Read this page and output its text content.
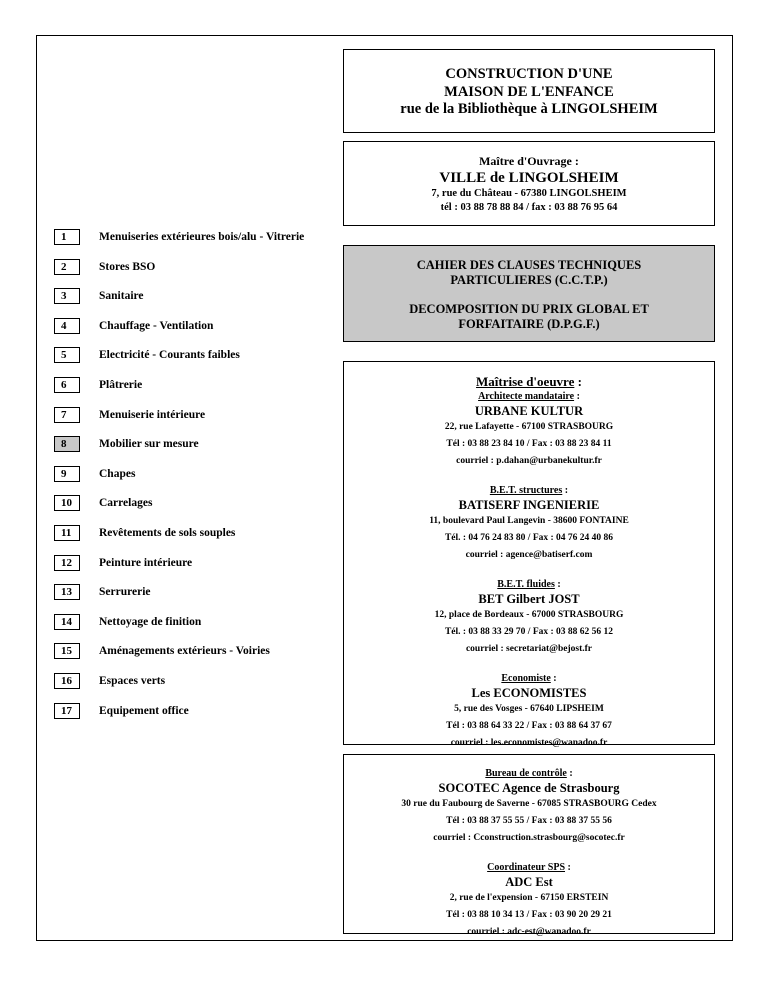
CONSTRUCTION D'UNE
MAISON DE L'ENFANCE
rue de la Bibliothèque à LINGOLSHEIM
Maître d'Ouvrage :
VILLE de LINGOLSHEIM
7, rue du Château - 67380 LINGOLSHEIM
tél : 03 88 78 88 84 / fax : 03 88 76 95 64
CAHIER DES CLAUSES TECHNIQUES
PARTICULIERES (C.C.T.P.)
DECOMPOSITION DU PRIX GLOBAL ET
FORFAITAIRE (D.P.G.F.)
Maîtrise d'oeuvre :
Architecte mandataire :
URBANE KULTUR
22, rue Lafayette - 67100 STRASBOURG
Tél : 03 88 23 84 10 / Fax : 03 88 23 84 11
courriel : p.dahan@urbanekultur.fr
B.E.T. structures :
BATISERF INGENIERIE
11, boulevard Paul Langevin - 38600 FONTAINE
Tél. : 04 76 24 83 80 / Fax : 04 76 24 40 86
courriel : agence@batiserf.com
B.E.T. fluides :
BET Gilbert JOST
12, place de Bordeaux - 67000 STRASBOURG
Tél. : 03 88 33 29 70 / Fax : 03 88 62 56 12
courriel : secretariat@bejost.fr
Economiste :
Les ECONOMISTES
5, rue des Vosges - 67640 LIPSHEIM
Tél : 03 88 64 33 22 / Fax : 03 88 64 37 67
courriel : les.economistes@wanadoo.fr
Bureau de contrôle :
SOCOTEC Agence de Strasbourg
30 rue du Faubourg de Saverne - 67085 STRASBOURG Cedex
Tél : 03 88 37 55 55 / Fax : 03 88 37 55 56
courriel : Cconstruction.strasbourg@socotec.fr
Coordinateur SPS :
ADC Est
2, rue de l'expension - 67150 ERSTEIN
Tél : 03 88 10 34 13 / Fax : 03 90 20 29 21
courriel : adc-est@wanadoo.fr
1	Menuiseries extérieures bois/alu - Vitrerie
2	Stores BSO
3	Sanitaire
4	Chauffage - Ventilation
5	Electricité - Courants faibles
6	Plâtrerie
7	Menuiserie intérieure
8	Mobilier sur mesure
9	Chapes
10	Carrelages
11	Revêtements de sols souples
12	Peinture intérieure
13	Serrurerie
14	Nettoyage de finition
15	Aménagements extérieurs - Voiries
16	Espaces verts
17	Equipement office
